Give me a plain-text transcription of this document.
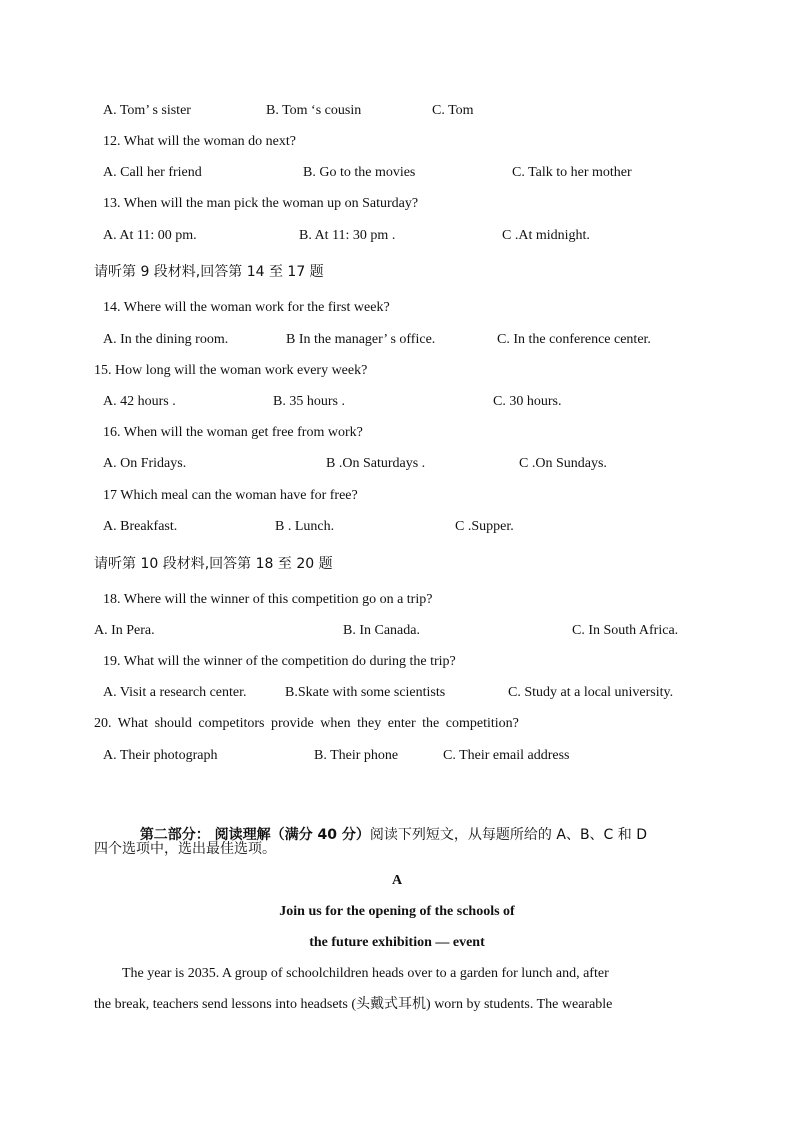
A. Tom’ s sister	B. Tom ‘s cousin	C. Tom
12. What will the woman do next?
A. Call her friend	B. Go to the movies	C. Talk to her mother
13. When will the man pick the woman up on Saturday?
A. At 11: 00 pm.	B. At 11: 30 pm .	C .At midnight.
请听第 9 段材料,回答第 14 至 17 题
14. Where will the woman work for the first week?
A. In the dining room.	B In the manager’ s office.	C. In the conference center.
15. How long will the woman work every week?
A. 42 hours .	B. 35 hours .	C. 30 hours.
16. When will the woman get free from work?
A. On Fridays.	B .On Saturdays .	C .On Sundays.
17 Which meal can the woman have for free?
A. Breakfast.	B . Lunch.	C .Supper.
请听第 10 段材料,回答第 18 至 20 题
18. Where will the winner of this competition go on a trip?
A. In Pera.	B. In Canada.	C. In South Africa.
19. What will the winner of the competition do during the trip?
A. Visit a research center.	B.Skate with some scientists	C. Study at a local university.
20. What should competitors provide when they enter the competition?
A. Their photograph	B. Their phone	C. Their email address

第二部分： 阅读理解（满分 40 分）阅读下列短文，从每题所给的 A、B、C 和 D

四个选项中，选出最佳选项。
A
Join us for the opening of the schools of
the future exhibition — event
The year is 2035. A group of schoolchildren heads over to a garden for lunch and, after
the break, teachers send lessons into headsets (头戴式耳机) worn by students. The wearable
